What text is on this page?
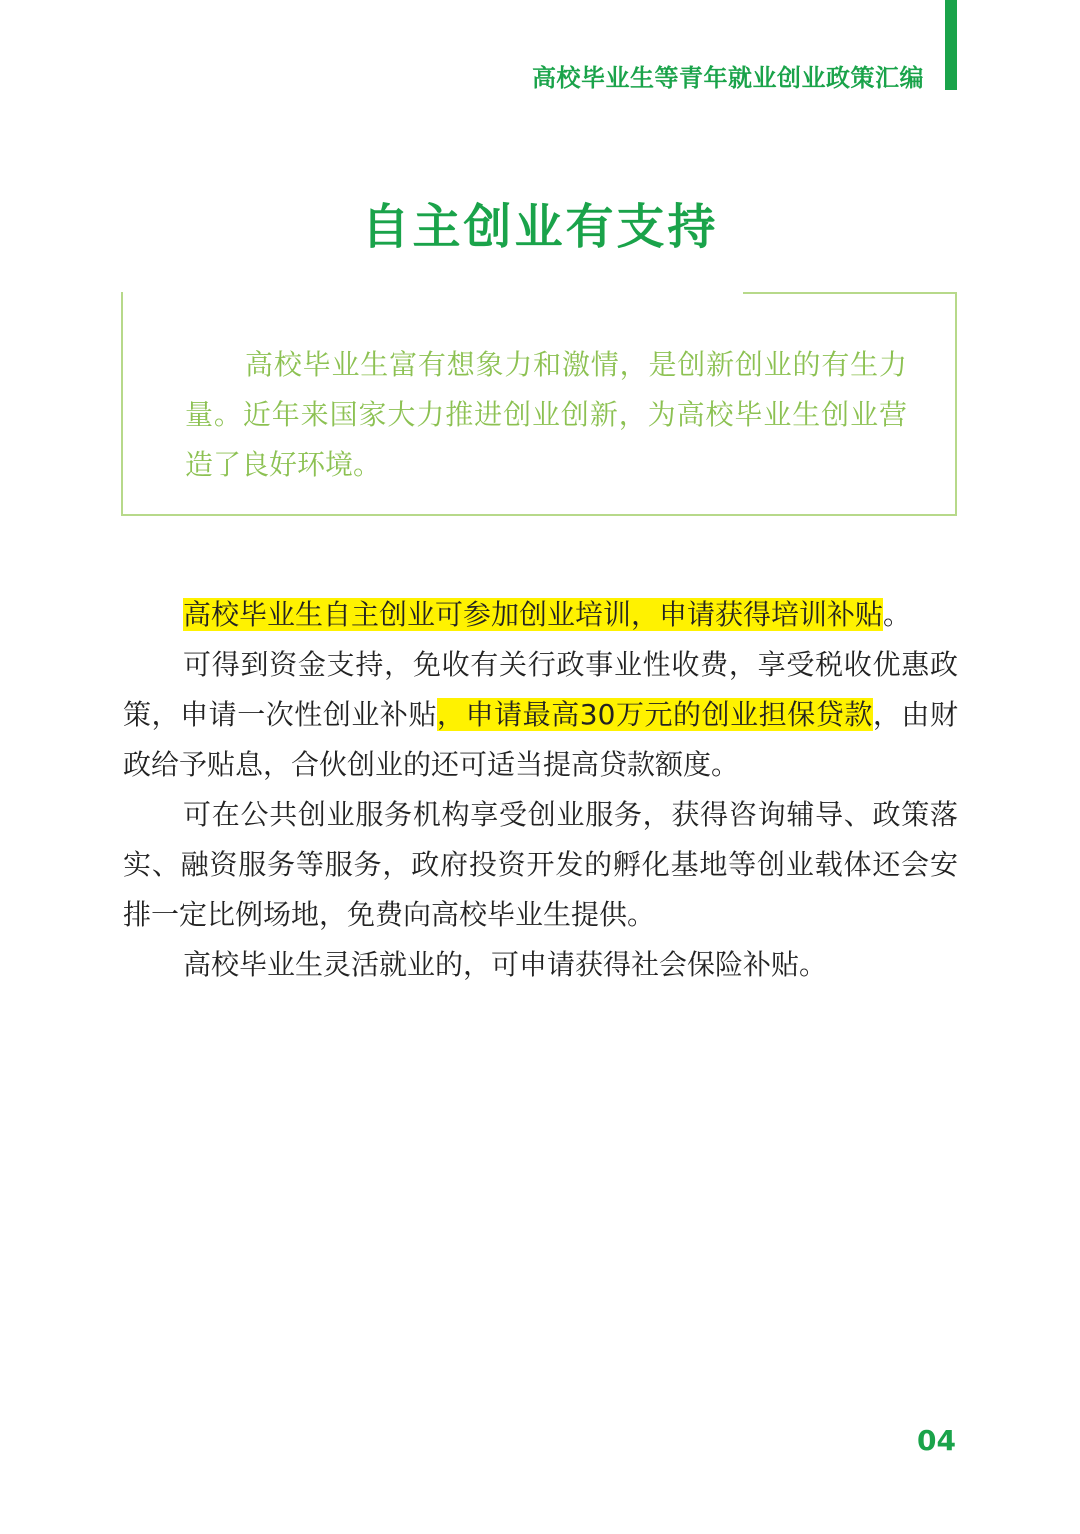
高校毕业生等青年就业创业政策汇编
自主创业有支持

高校毕业生富有想象力和激情，是创新创业的有生力量。近年来国家大力推进创业创新，为高校毕业生创业营造了良好环境。

高校毕业生自主创业可参加创业培训，申请获得培训补贴。

可得到资金支持，免收有关行政事业性收费，享受税收优惠政策，申请一次性创业补贴，申请最高30万元的创业担保贷款，由财政给予贴息，合伙创业的还可适当提高贷款额度。

可在公共创业服务机构享受创业服务，获得咨询辅导、政策落实、融资服务等服务，政府投资开发的孵化基地等创业载体还会安排一定比例场地，免费向高校毕业生提供。

高校毕业生灵活就业的，可申请获得社会保险补贴。

04
